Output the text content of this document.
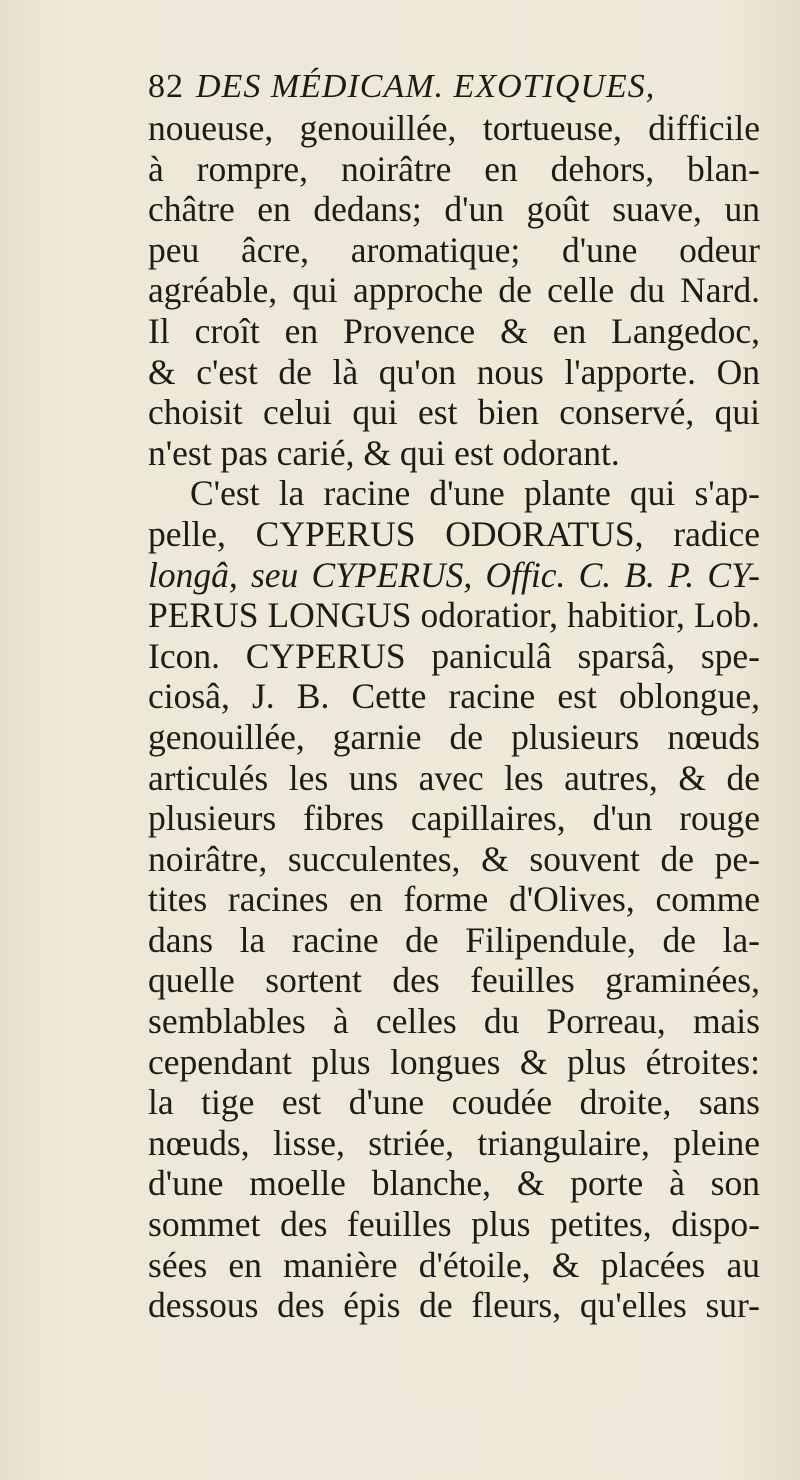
82 DES MÉDICAM. EXOTIQUES,
noueuse, genouillée, tortueuse, difficile
à rompre, noirâtre en dehors, blan-
châtre en dedans; d'un goût suave, un
peu âcre, aromatique; d'une odeur
agréable, qui approche de celle du Nard.
Il croît en Provence & en Langedoc,
& c'est de là qu'on nous l'apporte. On
choisit celui qui est bien conservé, qui
n'est pas carié, & qui est odorant.
C'est la racine d'une plante qui s'ap-
pelle, CYPERUS ODORATUS, radice
longâ, seu CYPERUS, Offic. C. B. P. CY-
PERUS LONGUS odoratior, habitior, Lob.
Icon. CYPERUS paniculâ sparsâ, spe-
ciosâ, J. B. Cette racine est oblongue,
genouillée, garnie de plusieurs nœuds
articulés les uns avec les autres, & de
plusieurs fibres capillaires, d'un rouge
noirâtre, succulentes, & souvent de pe-
tites racines en forme d'Olives, comme
dans la racine de Filipendule, de la-
quelle sortent des feuilles graminées,
semblables à celles du Porreau, mais
cependant plus longues & plus étroites:
la tige est d'une coudée droite, sans
nœuds, lisse, striée, triangulaire, pleine
d'une moelle blanche, & porte à son
sommet des feuilles plus petites, dispo-
sées en manière d'étoile, & placées au
dessous des épis de fleurs, qu'elles sur-
